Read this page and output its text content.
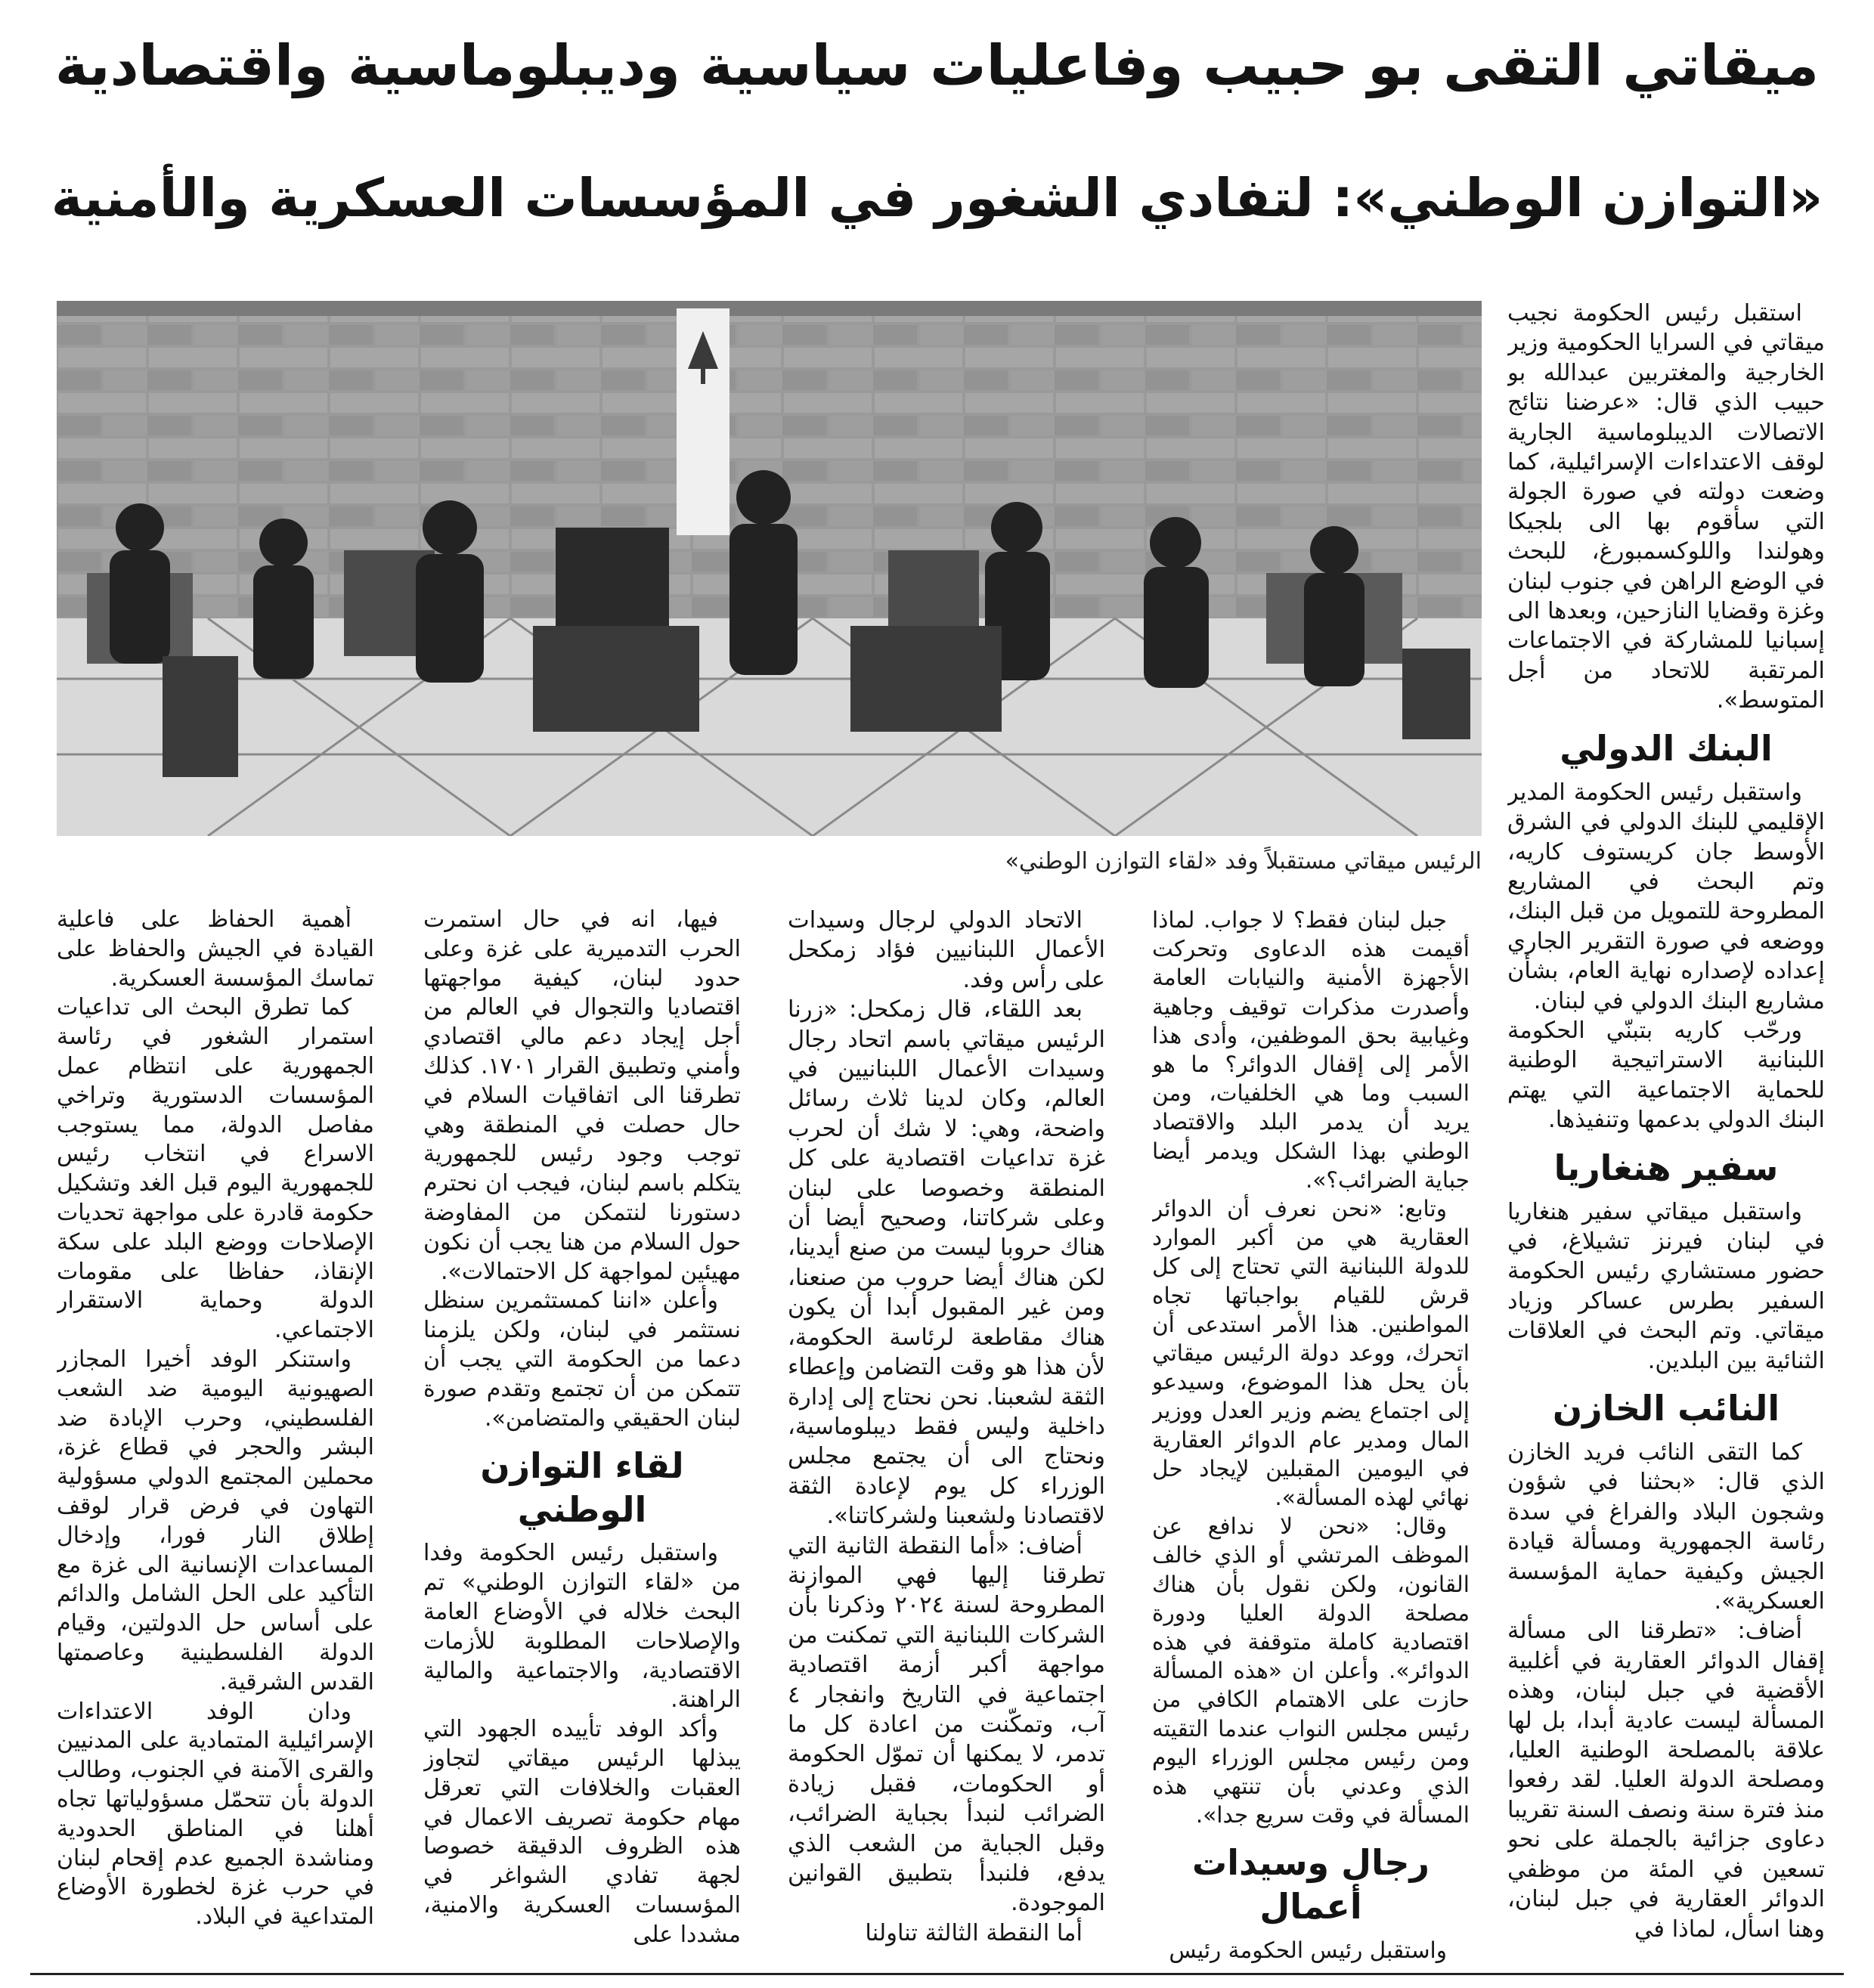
ميقاتي التقى بو حبيب وفاعليات سياسية وديبلوماسية واقتصادية
«التوازن الوطني»: لتفادي الشغور في المؤسسات العسكرية والأمنية
الرئيس ميقاتي مستقبلاً وفد «لقاء التوازن الوطني»

استقبل رئيس الحكومة نجيب ميقاتي في السرايا الحكومية وزير الخارجية والمغتربين عبدالله بو حبيب الذي قال: «عرضنا نتائج الاتصالات الديبلوماسية الجارية لوقف الاعتداءات الإسرائيلية، كما وضعت دولته في صورة الجولة التي سأقوم بها الى بلجيكا وهولندا واللوكسمبورغ، للبحث في الوضع الراهن في جنوب لبنان وغزة وقضايا النازحين، وبعدها الى إسبانيا للمشاركة في الاجتماعات المرتقبة للاتحاد من أجل المتوسط».

البنك الدولي

واستقبل رئيس الحكومة المدير الإقليمي للبنك الدولي في الشرق الأوسط جان كريستوف كاريه، وتم البحث في المشاريع المطروحة للتمويل من قبل البنك، ووضعه في صورة التقرير الجاري إعداده لإصداره نهاية العام، بشأن مشاريع البنك الدولي في لبنان.

ورحّب كاريه بتبنّي الحكومة اللبنانية الاستراتيجية الوطنية للحماية الاجتماعية التي يهتم البنك الدولي بدعمها وتنفيذها.

سفير هنغاريا

واستقبل ميقاتي سفير هنغاريا في لبنان فيرنز تشيلاغ، في حضور مستشاري رئيس الحكومة السفير بطرس عساكر وزياد ميقاتي. وتم البحث في العلاقات الثنائية بين البلدين.

النائب الخازن

كما التقى النائب فريد الخازن الذي قال: «بحثنا في شؤون وشجون البلاد والفراغ في سدة رئاسة الجمهورية ومسألة قيادة الجيش وكيفية حماية المؤسسة العسكرية».

أضاف: «تطرقنا الى مسألة إقفال الدوائر العقارية في أغلبية الأقضية في جبل لبنان، وهذه المسألة ليست عادية أبدا، بل لها علاقة بالمصلحة الوطنية العليا، ومصلحة الدولة العليا. لقد رفعوا منذ فترة سنة ونصف السنة تقريبا دعاوى جزائية بالجملة على نحو تسعين في المئة من موظفي الدوائر العقارية في جبل لبنان، وهنا اسأل، لماذا في

جبل لبنان فقط؟ لا جواب. لماذا أقيمت هذه الدعاوى وتحركت الأجهزة الأمنية والنيابات العامة وأصدرت مذكرات توقيف وجاهية وغيابية بحق الموظفين، وأدى هذا الأمر إلى إقفال الدوائر؟ ما هو السبب وما هي الخلفيات، ومن يريد أن يدمر البلد والاقتصاد الوطني بهذا الشكل ويدمر أيضا جباية الضرائب؟».

وتابع: «نحن نعرف أن الدوائر العقارية هي من أكبر الموارد للدولة اللبنانية التي تحتاج إلى كل قرش للقيام بواجباتها تجاه المواطنين. هذا الأمر استدعى أن اتحرك، ووعد دولة الرئيس ميقاتي بأن يحل هذا الموضوع، وسيدعو إلى اجتماع يضم وزير العدل ووزير المال ومدير عام الدوائر العقارية في اليومين المقبلين لإيجاد حل نهائي لهذه المسألة».

وقال: «نحن لا ندافع عن الموظف المرتشي أو الذي خالف القانون، ولكن نقول بأن هناك مصلحة الدولة العليا ودورة اقتصادية كاملة متوقفة في هذه الدوائر». وأعلن ان «هذه المسألة حازت على الاهتمام الكافي من رئيس مجلس النواب عندما التقيته ومن رئيس مجلس الوزراء اليوم الذي وعدني بأن تنتهي هذه المسألة في وقت سريع جدا».

رجال وسيدات أعمال

واستقبل رئيس الحكومة رئيس

الاتحاد الدولي لرجال وسيدات الأعمال اللبنانيين فؤاد زمكحل على رأس وفد.

بعد اللقاء، قال زمكحل: «زرنا الرئيس ميقاتي باسم اتحاد رجال وسيدات الأعمال اللبنانيين في العالم، وكان لدينا ثلاث رسائل واضحة، وهي: لا شك أن لحرب غزة تداعيات اقتصادية على كل المنطقة وخصوصا على لبنان وعلى شركاتنا، وصحيح أيضا أن هناك حروبا ليست من صنع أيدينا، لكن هناك أيضا حروب من صنعنا، ومن غير المقبول أبدا أن يكون هناك مقاطعة لرئاسة الحكومة، لأن هذا هو وقت التضامن وإعطاء الثقة لشعبنا. نحن نحتاج إلى إدارة داخلية وليس فقط ديبلوماسية، ونحتاج الى أن يجتمع مجلس الوزراء كل يوم لإعادة الثقة لاقتصادنا ولشعبنا ولشركاتنا».

أضاف: «أما النقطة الثانية التي تطرقنا إليها فهي الموازنة المطروحة لسنة ٢٠٢٤ وذكرنا بأن الشركات اللبنانية التي تمكنت من مواجهة أكبر أزمة اقتصادية اجتماعية في التاريخ وانفجار ٤ آب، وتمكّنت من اعادة كل ما تدمر، لا يمكنها أن تموّل الحكومة أو الحكومات، فقبل زيادة الضرائب لنبدأ بجباية الضرائب، وقبل الجباية من الشعب الذي يدفع، فلنبدأ بتطبيق القوانين الموجودة.

أما النقطة الثالثة تناولنا

فيها، انه في حال استمرت الحرب التدميرية على غزة وعلى حدود لبنان، كيفية مواجهتها اقتصاديا والتجوال في العالم من أجل إيجاد دعم مالي اقتصادي وأمني وتطبيق القرار ١٧٠١. كذلك تطرقنا الى اتفاقيات السلام في حال حصلت في المنطقة وهي توجب وجود رئيس للجمهورية يتكلم باسم لبنان، فيجب ان نحترم دستورنا لنتمكن من المفاوضة حول السلام من هنا يجب أن نكون مهيئين لمواجهة كل الاحتمالات».

وأعلن «اننا كمستثمرين سنظل نستثمر في لبنان، ولكن يلزمنا دعما من الحكومة التي يجب أن تتمكن من أن تجتمع وتقدم صورة لبنان الحقيقي والمتضامن».

لقاء التوازن الوطني

واستقبل رئيس الحكومة وفدا من «لقاء التوازن الوطني» تم البحث خلاله في الأوضاع العامة والإصلاحات المطلوبة للأزمات الاقتصادية، والاجتماعية والمالية الراهنة.

وأكد الوفد تأييده الجهود التي يبذلها الرئيس ميقاتي لتجاوز العقبات والخلافات التي تعرقل مهام حكومة تصريف الاعمال في هذه الظروف الدقيقة خصوصا لجهة تفادي الشواغر في المؤسسات العسكرية والامنية، مشددا على

أهمية الحفاظ على فاعلية القيادة في الجيش والحفاظ على تماسك المؤسسة العسكرية.

كما تطرق البحث الى تداعيات استمرار الشغور في رئاسة الجمهورية على انتظام عمل المؤسسات الدستورية وتراخي مفاصل الدولة، مما يستوجب الاسراع في انتخاب رئيس للجمهورية اليوم قبل الغد وتشكيل حكومة قادرة على مواجهة تحديات الإصلاحات ووضع البلد على سكة الإنقاذ، حفاظا على مقومات الدولة وحماية الاستقرار الاجتماعي.

واستنكر الوفد أخيرا المجازر الصهيونية اليومية ضد الشعب الفلسطيني، وحرب الإبادة ضد البشر والحجر في قطاع غزة، محملين المجتمع الدولي مسؤولية التهاون في فرض قرار لوقف إطلاق النار فورا، وإدخال المساعدات الإنسانية الى غزة مع التأكيد على الحل الشامل والدائم على أساس حل الدولتين، وقيام الدولة الفلسطينية وعاصمتها القدس الشرقية.

ودان الوفد الاعتداءات الإسرائيلية المتمادية على المدنيين والقرى الآمنة في الجنوب، وطالب الدولة بأن تتحمّل مسؤولياتها تجاه أهلنا في المناطق الحدودية ومناشدة الجميع عدم إقحام لبنان في حرب غزة لخطورة الأوضاع المتداعية في البلاد.
